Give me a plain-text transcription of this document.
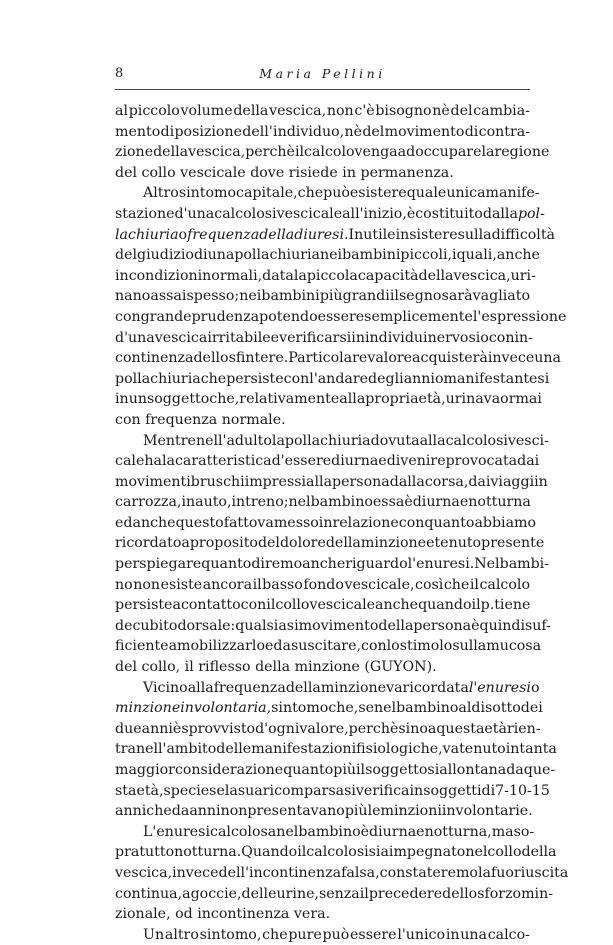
8	Maria Pellini
al piccolo volume della vescica, non c'è bisogno nè del cambia-
mento di posizione dell' individuo, nè del movimento di contra-
zione della vescica, perchè il calcolo venga ad occupare la regione
del
collo
vescicale
dove
risiede
in
permanenza.
Altro sintomo capitale, che può esistere quale unica manife-
stazione d'una calcolosi vescicale all'inizio, è costituito dalla pol-
lachiuria o frequenza della diuresi. Inutile insistere sulla difficoltà
del giudizio di una pollachiuria nei bambini piccoli, i quali, anche
in condizioni normali, data la piccola capacità della vescica, uri-
nano assai spesso; nei bambini più grandi il segno sarà vagliato
con grande prudenza potendo essere semplicemente l'espressione
d'una vescica irritabile e verificarsi in individui nervosi o con in-
continenza dello sfintere. Particolare valore acquisterà invece una
pollachiuria che persiste con l'andare degli anni o manifestantesi
in un soggetto che, relativamente alla propria età, urinava ormai
con
frequenza
normale.
Mentre nell'adulto la pollachiuria dovuta alla calcolosi vesci-
cale ha la caratteristica d'essere diurna e di venire provocata dai
movimenti bruschi impressi alla persona dalla corsa, dai viaggi in
carrozza, in auto, in treno; nel bambino essa è diurna e notturna
ed anche questo fatto va messo in relazione con quanto abbiamo
ricordato a proposito del dolore della minzione e tenuto presente
per spiegare quanto diremo anche riguardo l'enuresi. Nel bambi-
no non esiste ancora il basso fondo vescicale, così che il calcolo
persiste a contatto con il collo vescicale anche quando il p. tiene
decubito dorsale: qualsiasi movimento della persona è quindi suf-
ficiente a mobilizzarlo ed a suscitare, con lo stimolo sulla mucosa
del
collo,
il
riflesso
della
minzione
(GUYON).
Vicino alla frequenza della minzione va ricordata l'enuresi o
minzione involontaria, sintomo che, se nel bambino al disotto dei
due anni è sprovvisto d'ogni valore, perchè sino a questa età rien-
tra nell'ambito delle manifestazioni fisiologiche, va tenuto in tanta
maggior considerazione quanto più il soggetto si allontana da que-
sta età, specie se la sua ricomparsa si verifica in soggetti di 7-10-15
anni che da anni non presentavano più le minzioni involontarie.
L'enuresi calcolosa nel bambino è diurna e notturna, ma so-
pratutto notturna. Quando il calcolo si sia impegnato nel collo della
vescica, invece dell'incontinenza falsa, constateremo la fuoriuscita
continua, a goccie, delle urine ,senza il precedere dello sforzo min-
zionale,
od
incontinenza
vera.
Un altro sintomo, che pure può essere l'unico in una calco-
